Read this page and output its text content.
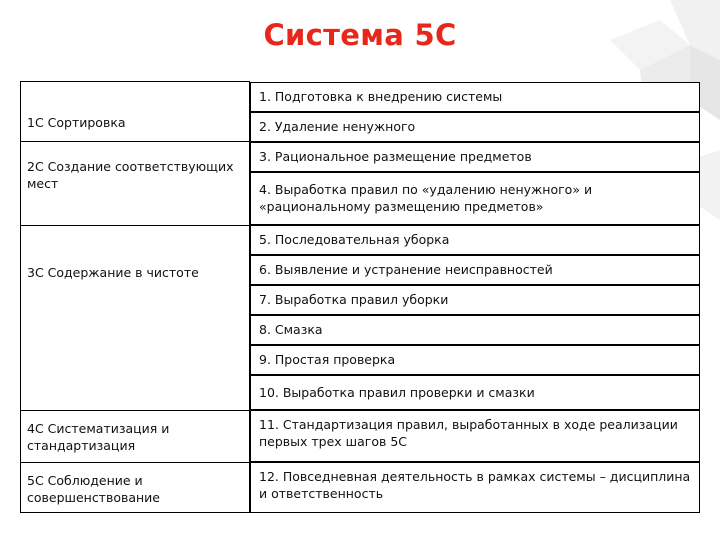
Система 5С
1С Сортировка
2С Создание соответствующих мест
3С Содержание в чистоте
4С Систематизация и стандартизация
5С Соблюдение и совершенствование
1. Подготовка к внедрению системы
2. Удаление ненужного
3. Рациональное размещение предметов
4. Выработка правил по «удалению ненужного» и «рациональному размещению предметов»
5. Последовательная уборка
6. Выявление и устранение неисправностей
7. Выработка правил уборки
8. Смазка
9. Простая проверка
10. Выработка правил проверки и смазки
11. Стандартизация правил, выработанных в ходе реализации первых трех шагов 5С
12. Повседневная деятельность в рамках системы – дисциплина и ответственность
